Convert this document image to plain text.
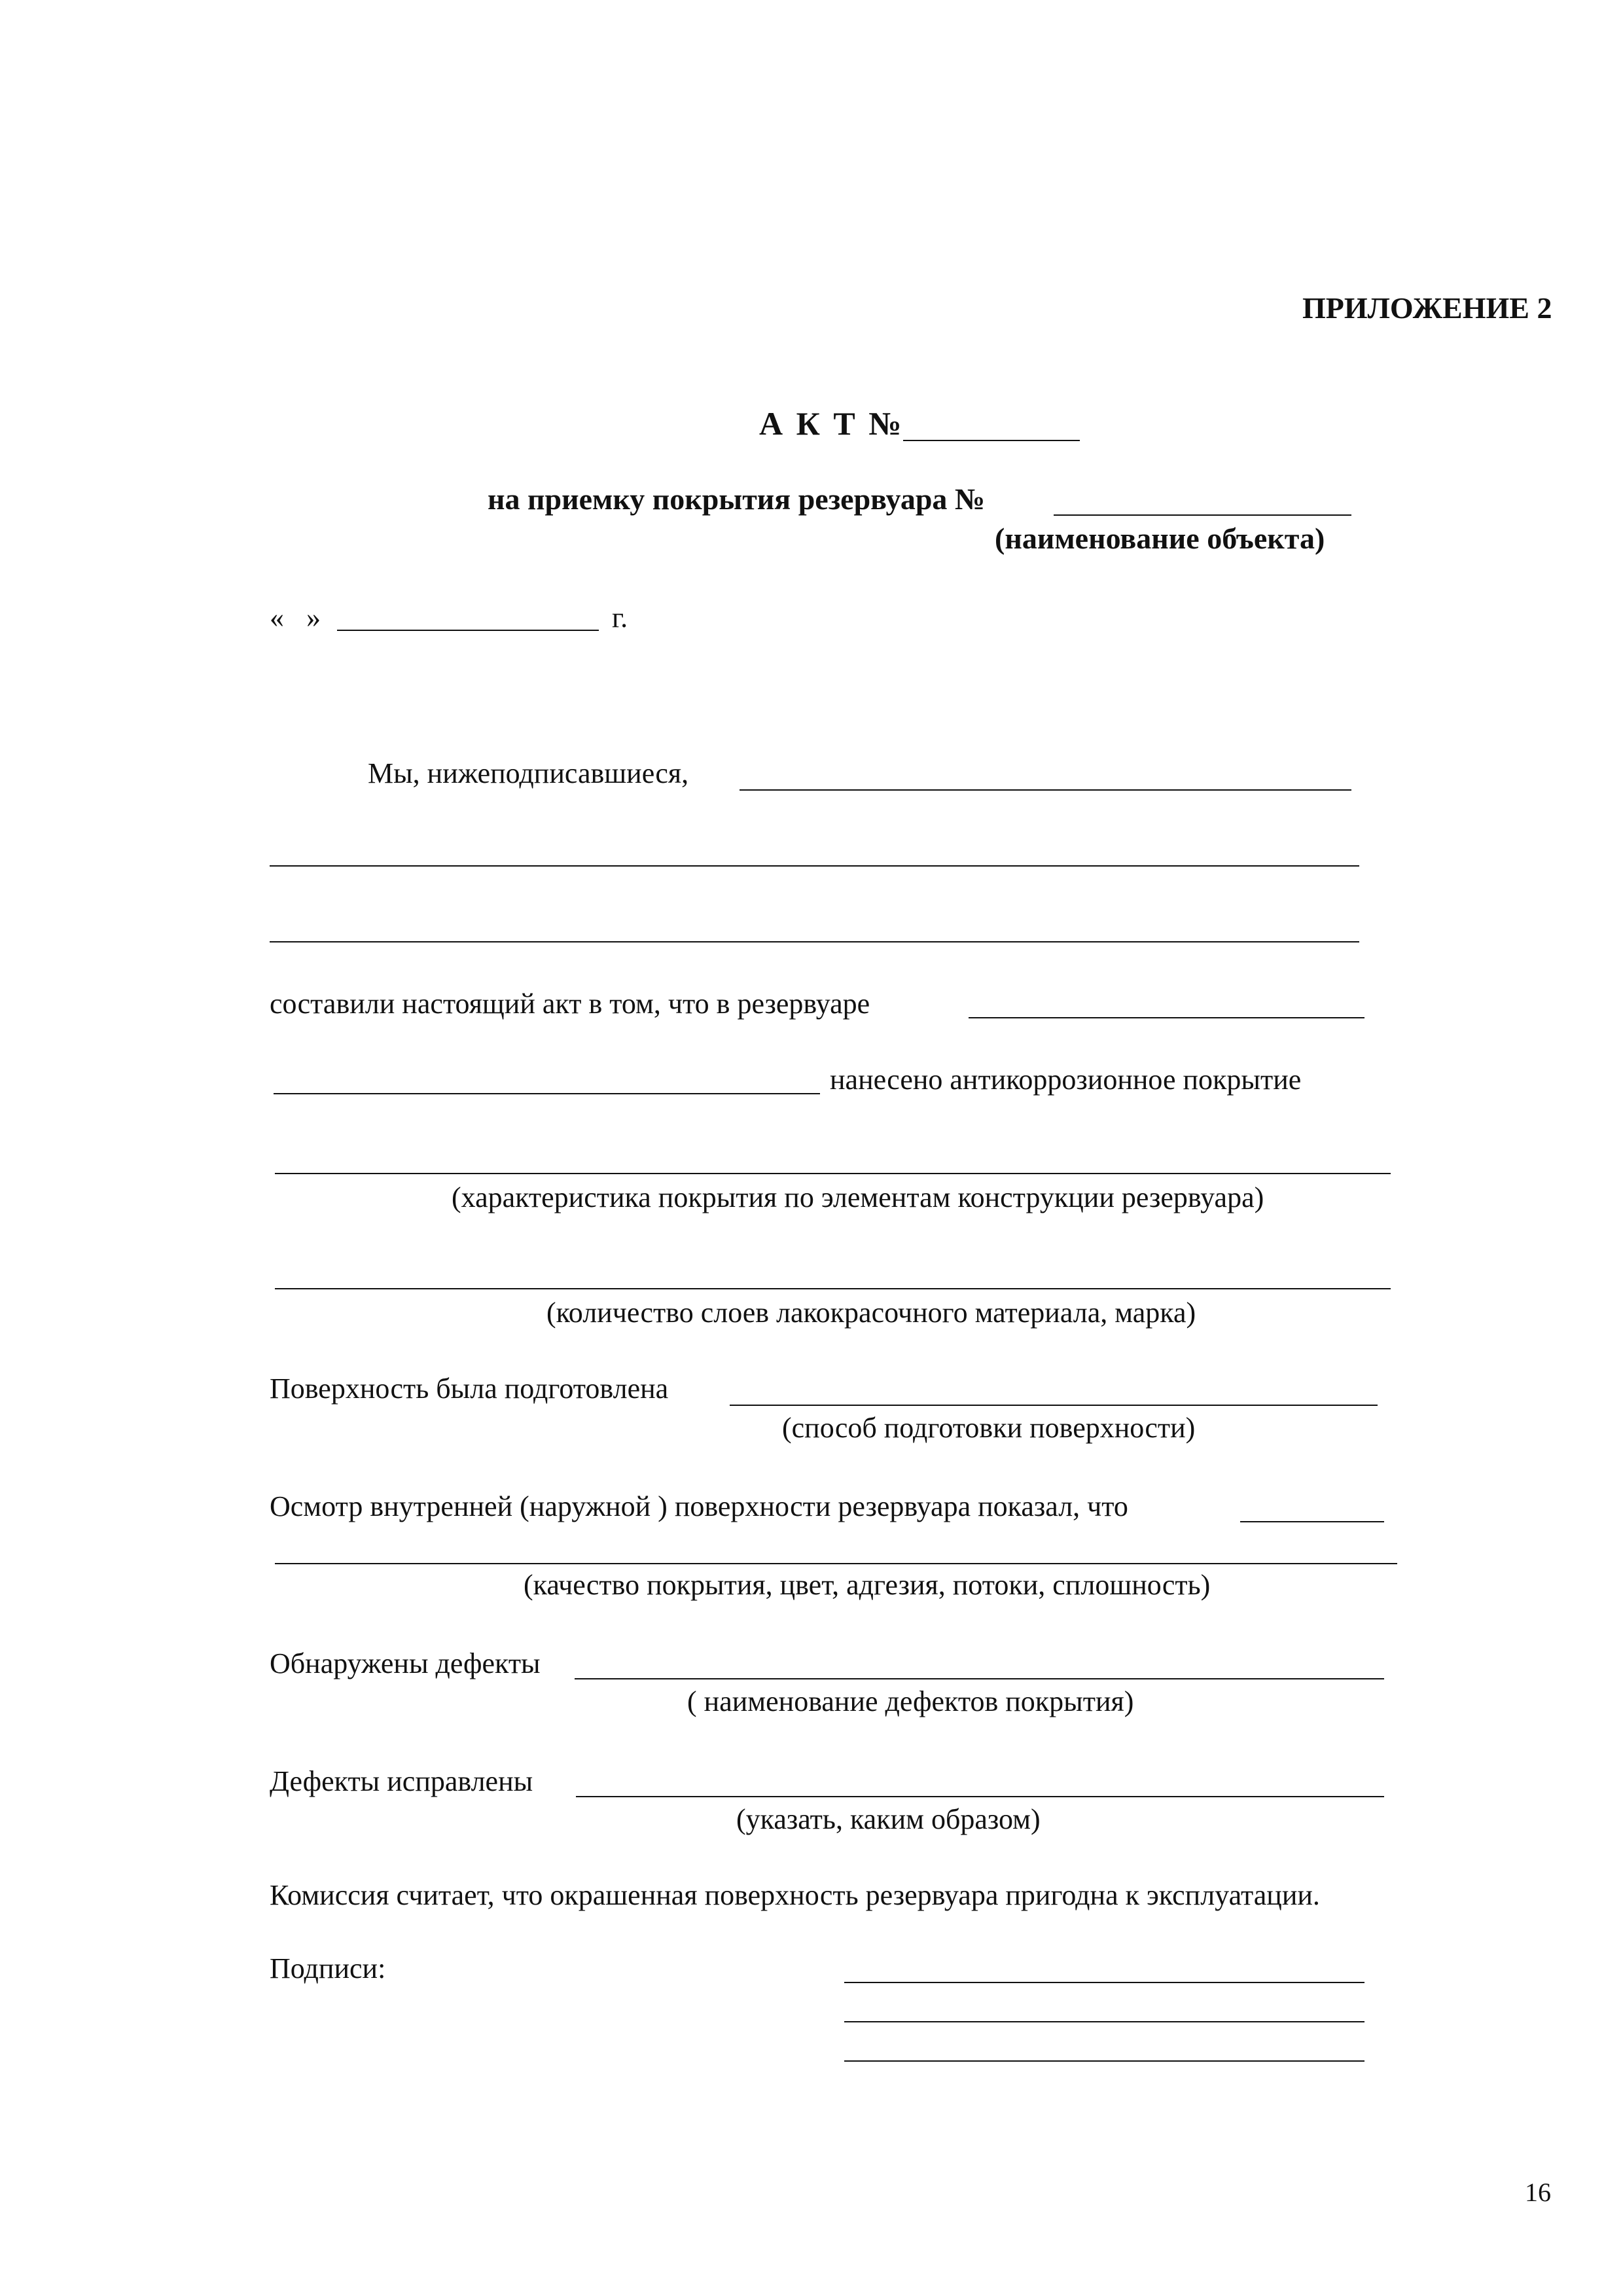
ПРИЛОЖЕНИЕ 2
А К Т №
на приемку покрытия резервуара №
(наименование объекта)
« »	г.
Мы, нижеподписавшиеся,
составили настоящий акт в том, что в резервуаре
нанесено антикоррозионное покрытие
(характеристика покрытия по элементам конструкции резервуара)
(количество слоев лакокрасочного материала, марка)
Поверхность была подготовлена
(способ подготовки поверхности)
Осмотр внутренней (наружной ) поверхности резервуара показал, что
(качество покрытия, цвет, адгезия, потоки, сплошность)
Обнаружены дефекты
( наименование дефектов покрытия)
Дефекты исправлены
(указать, каким образом)
Комиссия считает, что окрашенная поверхность резервуара пригодна к эксплуатации.
Подписи:
16
